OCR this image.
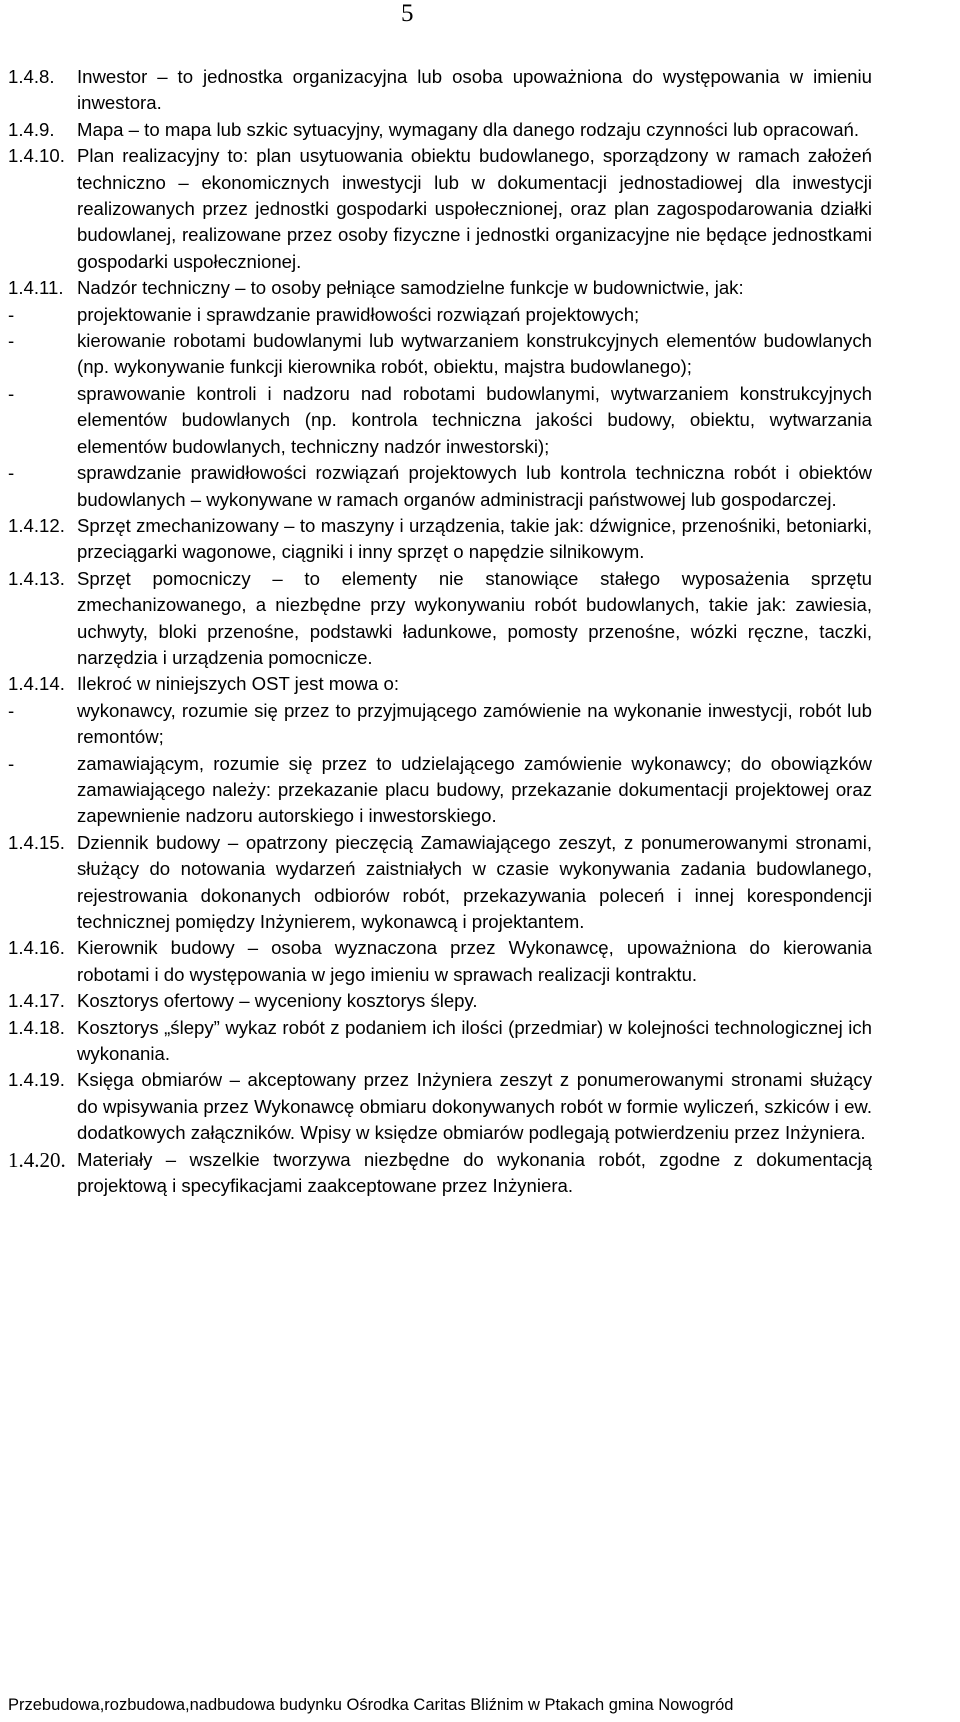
5
1.4.8. Inwestor – to jednostka organizacyjna lub osoba upoważniona do występowania w imieniu inwestora.
1.4.9. Mapa – to mapa lub szkic sytuacyjny, wymagany dla danego rodzaju czynności lub opracowań.
1.4.10. Plan realizacyjny to: plan usytuowania obiektu budowlanego, sporządzony w ramach założeń techniczno – ekonomicznych inwestycji lub w dokumentacji jednostadiowej dla inwestycji realizowanych przez jednostki gospodarki uspołecznionej, oraz plan zagospodarowania działki budowlanej, realizowane przez osoby fizyczne i jednostki organizacyjne nie będące jednostkami gospodarki uspołecznionej.
1.4.11. Nadzór techniczny – to osoby pełniące samodzielne funkcje w budownictwie, jak:
-	projektowanie i sprawdzanie prawidłowości rozwiązań projektowych;
-	kierowanie robotami budowlanymi lub wytwarzaniem konstrukcyjnych elementów budowlanych (np. wykonywanie funkcji kierownika robót, obiektu, majstra budowlanego);
-	sprawowanie kontroli i nadzoru nad robotami budowlanymi, wytwarzaniem konstrukcyjnych elementów budowlanych (np. kontrola techniczna jakości budowy, obiektu, wytwarzania elementów budowlanych, techniczny nadzór inwestorski);
-	sprawdzanie prawidłowości rozwiązań projektowych lub kontrola techniczna robót i obiektów budowlanych – wykonywane w ramach organów administracji państwowej lub gospodarczej.
1.4.12. Sprzęt zmechanizowany – to maszyny i urządzenia, takie jak: dźwignice, przenośniki, betoniarki, przeciągarki wagonowe, ciągniki i inny sprzęt o napędzie silnikowym.
1.4.13. Sprzęt pomocniczy – to elementy nie stanowiące stałego wyposażenia sprzętu zmechanizowanego, a niezbędne przy wykonywaniu robót budowlanych, takie jak: zawiesia, uchwyty, bloki przenośne, podstawki ładunkowe, pomosty przenośne, wózki ręczne, taczki, narzędzia i urządzenia pomocnicze.
1.4.14. Ilekroć w niniejszych OST jest mowa o:
-	wykonawcy, rozumie się przez to przyjmującego zamówienie na wykonanie inwestycji, robót lub remontów;
-	zamawiającym, rozumie się przez to udzielającego zamówienie wykonawcy; do obowiązków zamawiającego należy: przekazanie placu budowy, przekazanie dokumentacji projektowej oraz zapewnienie nadzoru autorskiego i inwestorskiego.
1.4.15. Dziennik budowy – opatrzony pieczęcią Zamawiającego zeszyt, z ponumerowanymi stronami, służący do notowania wydarzeń zaistniałych w czasie wykonywania zadania budowlanego, rejestrowania dokonanych odbiorów robót, przekazywania poleceń i innej korespondencji technicznej pomiędzy Inżynierem, wykonawcą i projektantem.
1.4.16. Kierownik budowy – osoba wyznaczona przez Wykonawcę, upoważniona do kierowania robotami i do występowania w jego imieniu w sprawach realizacji kontraktu.
1.4.17. Kosztorys ofertowy – wyceniony kosztorys ślepy.
1.4.18. Kosztorys „ślepy” wykaz robót z podaniem ich ilości (przedmiar) w kolejności technologicznej ich wykonania.
1.4.19. Księga obmiarów – akceptowany przez Inżyniera zeszyt z ponumerowanymi stronami służący do wpisywania przez Wykonawcę obmiaru dokonywanych robót w formie wyliczeń, szkiców i ew. dodatkowych załączników. Wpisy w księdze obmiarów podlegają potwierdzeniu przez Inżyniera.
1.4.20. Materiały – wszelkie tworzywa niezbędne do wykonania robót, zgodne z dokumentacją projektową i specyfikacjami zaakceptowane przez Inżyniera.
Przebudowa,rozbudowa,nadbudowa budynku Ośrodka Caritas Bliźnim w Ptakach gmina Nowogród
